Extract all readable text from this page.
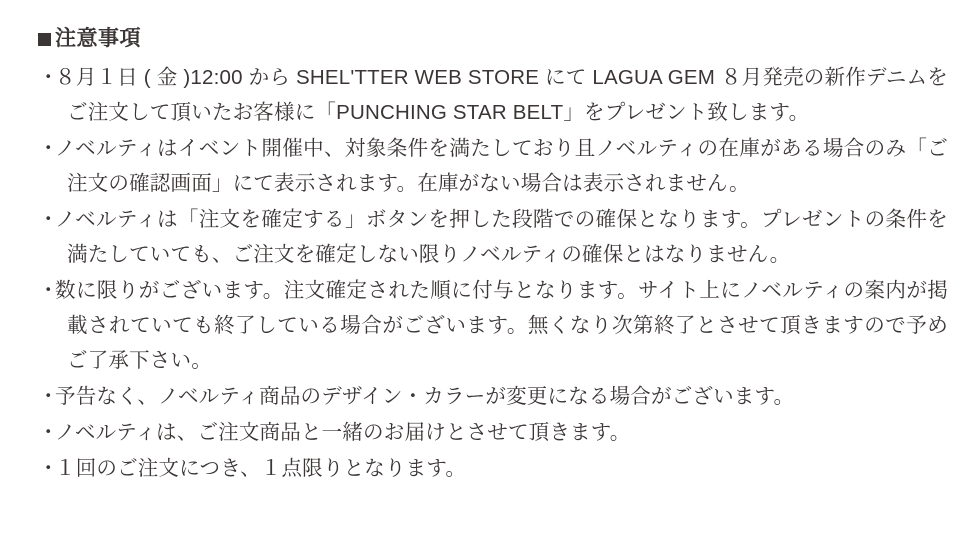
注意事項
・
８月１日 ( 金 )12:00 から SHEL'TTER WEB STORE にて LAGUA GEM ８月発売の新作デニムをご注文して頂いたお客様に「PUNCHING STAR BELT」をプレゼント致します。
・
ノベルティはイベント開催中、対象条件を満たしており且ノベルティの在庫がある場合のみ「ご注文の確認画面」にて表示されます。在庫がない場合は表示されません。
・
ノベルティは「注文を確定する」ボタンを押した段階での確保となります。プレゼントの条件を満たしていても、ご注文を確定しない限りノベルティの確保とはなりません。
・
数に限りがございます。注文確定された順に付与となります。サイト上にノベルティの案内が掲載されていても終了している場合がございます。無くなり次第終了とさせて頂きますので予めご了承下さい。
・
予告なく、ノベルティ商品のデザイン・カラーが変更になる場合がございます。
・
ノベルティは、ご注文商品と一緒のお届けとさせて頂きます。
・
１回のご注文につき、１点限りとなります。
